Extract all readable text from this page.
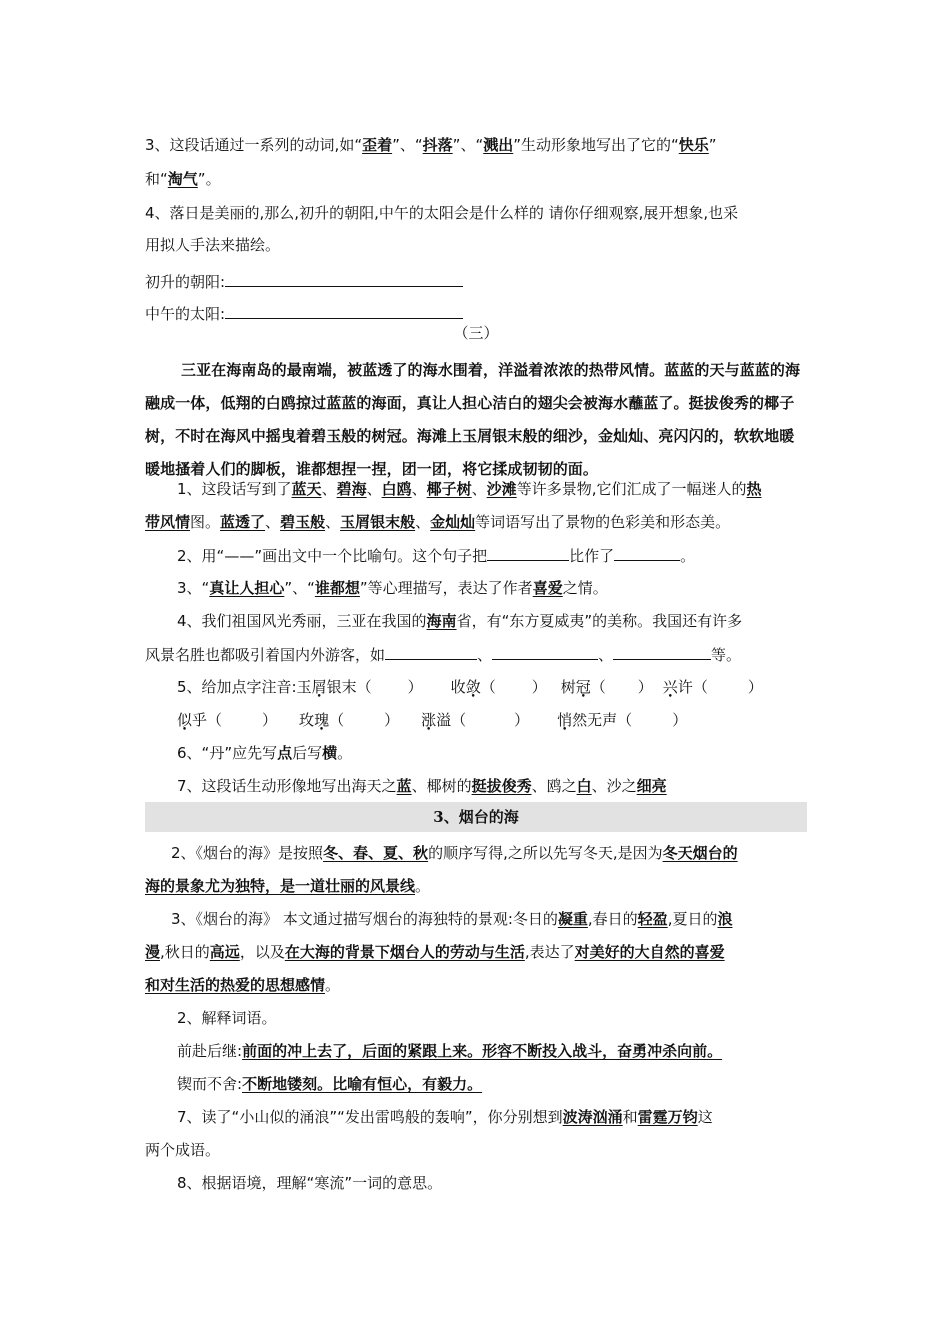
3、这段话通过一系列的动词,如“歪着”、“抖落”、“溅出”生动形象地写出了它的“快乐”

和“淘气”。

4、落日是美丽的,那么,初升的朝阳,中午的太阳会是什么样的 请你仔细观察,展开想象,也采

用拟人手法来描绘。

初升的朝阳:

中午的太阳:

（三）

三亚在海南岛的最南端，被蓝透了的海水围着，洋溢着浓浓的热带风情。蓝蓝的天与蓝蓝的海融成一体，低翔的白鸥掠过蓝蓝的海面，真让人担心洁白的翅尖会被海水蘸蓝了。挺拔俊秀的椰子树，不时在海风中摇曳着碧玉般的树冠。海滩上玉屑银末般的细沙，金灿灿、亮闪闪的，软软地暖暖地搔着人们的脚板，谁都想捏一捏，团一团，将它揉成韧韧的面。

1、这段话写到了蓝天、碧海、白鸥、椰子树、沙滩等许多景物,它们汇成了一幅迷人的热

带风情图。蓝透了、碧玉般、玉屑银末般、金灿灿等词语写出了景物的色彩美和形态美。

2、用“——”画出文中一个比喻句。这个句子把	比作了	。

3、“真让人担心”、“谁都想”等心理描写，表达了作者喜爱之情。

4、我们祖国风光秀丽，三亚在我国的海南省，有“东方夏威夷”的美称。我国还有许多

风景名胜也都吸引着国内外游客，如	、	、	等。

5、给加点字注音:玉屑银末（ ） 收敛（ ） 树冠（ ） 兴许（	）

似乎（	） 玫瑰（	） 涨溢（	） 悄然无声（	）

6、“丹”应先写点后写横。

7、这段话生动形像地写出海天之蓝、椰树的挺拔俊秀、鸥之白、沙之细亮

3、烟台的海

2、《烟台的海》是按照冬、春、夏、秋的顺序写得,之所以先写冬天,是因为冬天烟台的

海的景象尤为独特，是一道壮丽的风景线。

3、《烟台的海》 本文通过描写烟台的海独特的景观:冬日的凝重,春日的轻盈,夏日的浪

漫,秋日的高远，以及在大海的背景下烟台人的劳动与生活,表达了对美好的大自然的喜爱

和对生活的热爱的思想感情。

2、解释词语。

前赴后继:前面的冲上去了，后面的紧跟上来。形容不断投入战斗，奋勇冲杀向前。

锲而不舍:不断地镂刻。比喻有恒心，有毅力。

7、读了“小山似的涌浪”“发出雷鸣般的轰响”，你分别想到波涛汹涌和雷霆万钧这

两个成语。

8、根据语境，理解“寒流”一词的意思。
